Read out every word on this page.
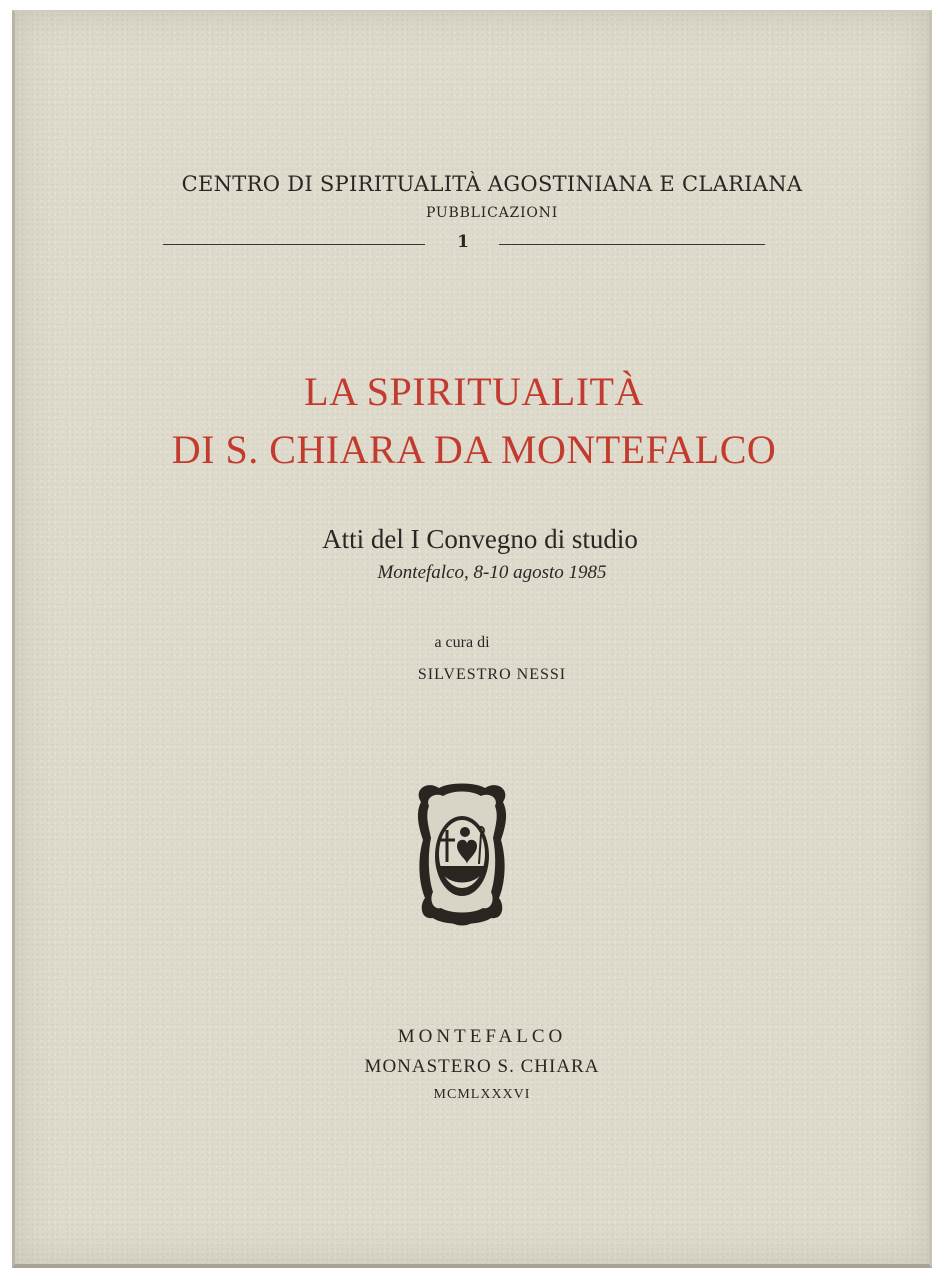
CENTRO DI SPIRITUALITÀ AGOSTINIANA E CLARIANA
PUBBLICAZIONI
1
LA SPIRITUALITÀ
DI S. CHIARA DA MONTEFALCO
Atti del I Convegno di studio
Montefalco, 8-10 agosto 1985
a cura di
SILVESTRO NESSI
MONTEFALCO
MONASTERO S. CHIARA
MCMLXXXVI
